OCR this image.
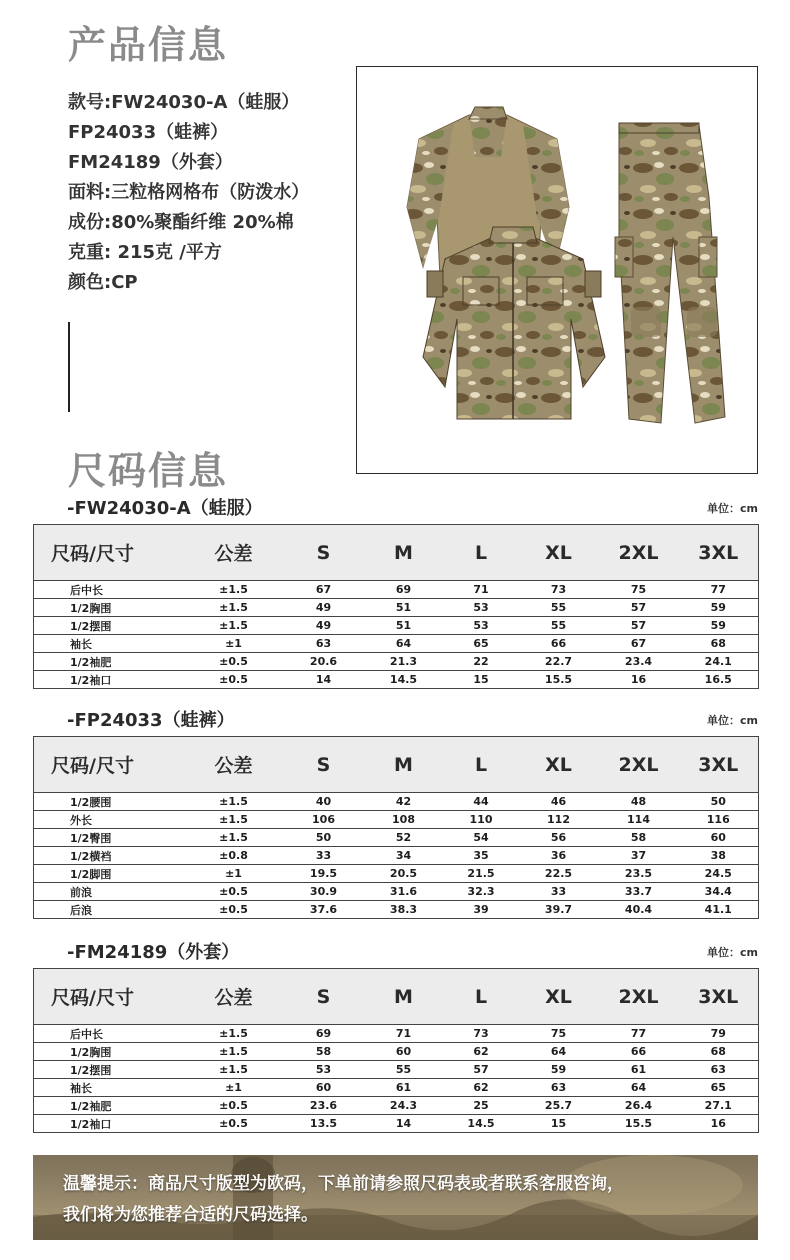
产品信息
款号:FW24030-A（蛙服）
FP24033（蛙裤）
FM24189（外套）
面料:三粒格网格布（防泼水）
成份:80%聚酯纤维 20%棉
克重: 215克 /平方
颜色:CP
尺码信息
-FW24030-A（蛙服）	单位：cm
尺码/尺寸	公差	S	M	L	XL	2XL	3XL
后中长	±1.5	67	69	71	73	75	77
1/2胸围	±1.5	49	51	53	55	57	59
1/2摆围	±1.5	49	51	53	55	57	59
袖长	±1	63	64	65	66	67	68
1/2袖肥	±0.5	20.6	21.3	22	22.7	23.4	24.1
1/2袖口	±0.5	14	14.5	15	15.5	16	16.5
-FP24033（蛙裤）	单位：cm
尺码/尺寸	公差	S	M	L	XL	2XL	3XL
1/2腰围	±1.5	40	42	44	46	48	50
外长	±1.5	106	108	110	112	114	116
1/2臀围	±1.5	50	52	54	56	58	60
1/2横裆	±0.8	33	34	35	36	37	38
1/2脚围	±1	19.5	20.5	21.5	22.5	23.5	24.5
前浪	±0.5	30.9	31.6	32.3	33	33.7	34.4
后浪	±0.5	37.6	38.3	39	39.7	40.4	41.1
-FM24189（外套）	单位：cm
尺码/尺寸	公差	S	M	L	XL	2XL	3XL
后中长	±1.5	69	71	73	75	77	79
1/2胸围	±1.5	58	60	62	64	66	68
1/2摆围	±1.5	53	55	57	59	61	63
袖长	±1	60	61	62	63	64	65
1/2袖肥	±0.5	23.6	24.3	25	25.7	26.4	27.1
1/2袖口	±0.5	13.5	14	14.5	15	15.5	16
温馨提示：商品尺寸版型为欧码，下单前请参照尺码表或者联系客服咨询，
我们将为您推荐合适的尺码选择。
